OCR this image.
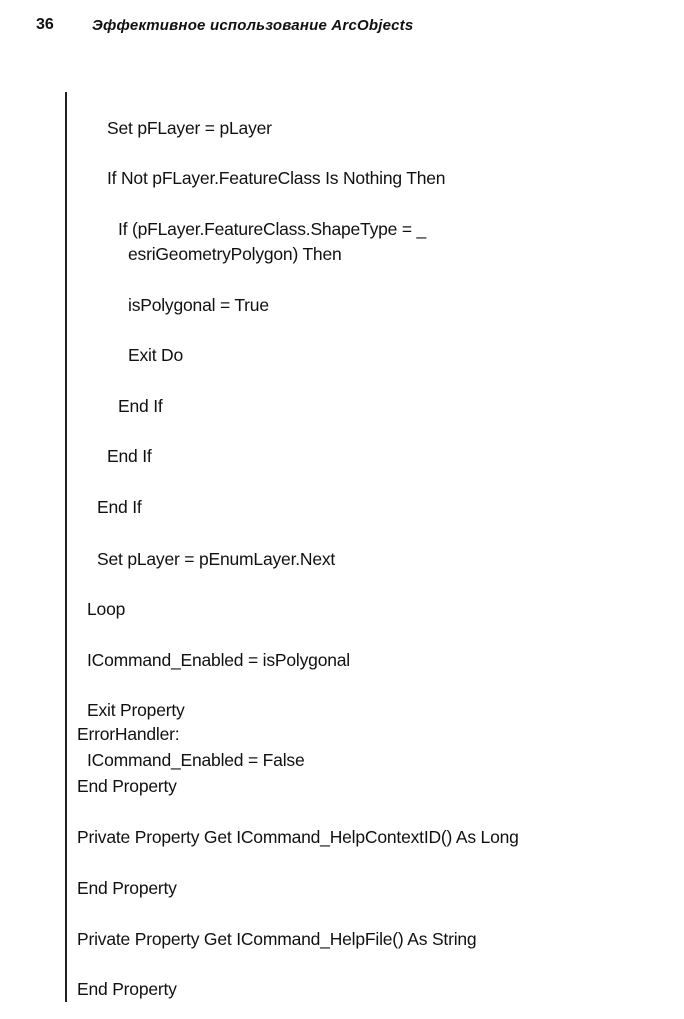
36	Эффективное использование ArcObjects
Set pFLayer = pLayer
If Not pFLayer.FeatureClass Is Nothing Then
If (pFLayer.FeatureClass.ShapeType = _
esriGeometryPolygon) Then
isPolygonal = True
Exit Do
End If
End If
End If
Set pLayer = pEnumLayer.Next
Loop
ICommand_Enabled = isPolygonal
Exit Property
ErrorHandler:
ICommand_Enabled = False
End Property
Private Property Get ICommand_HelpContextID() As Long
End Property
Private Property Get ICommand_HelpFile() As String
End Property
